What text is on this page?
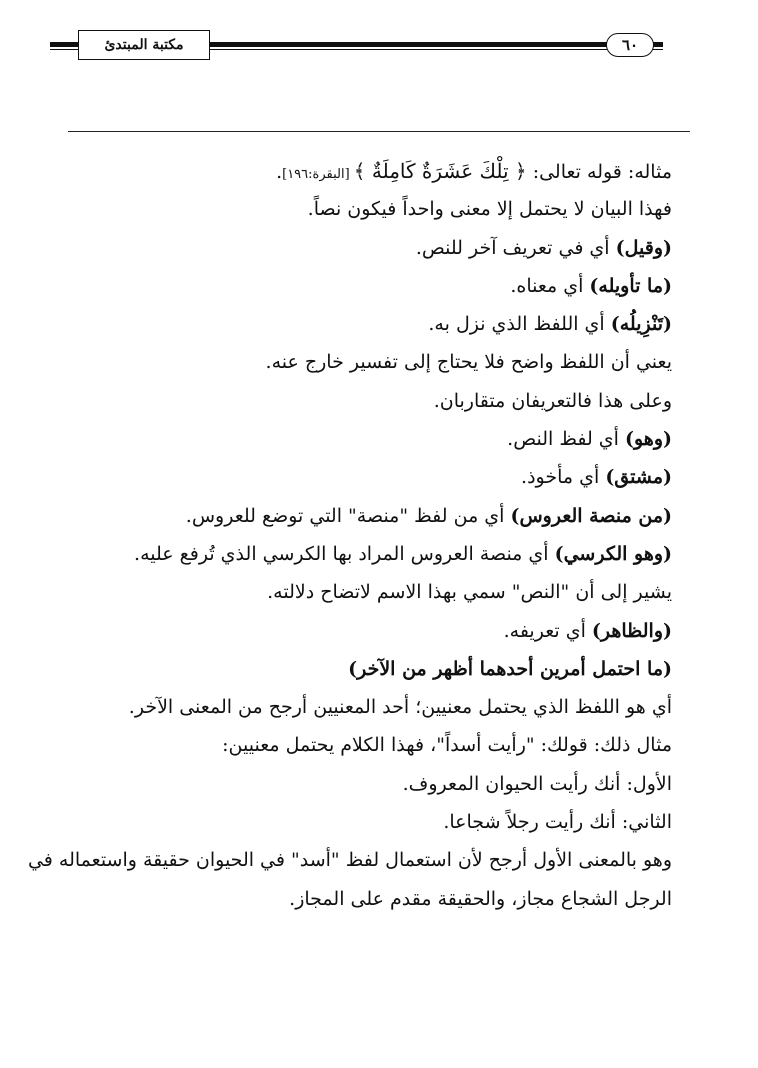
مكتبة المبتدئ	٦٠
مثاله: قوله تعالى: ﴿ تِلْكَ عَشَرَةٌ كَامِلَةٌ ﴾ [البقرة:١٩٦].
فهذا البيان لا يحتمل إلا معنى واحداً فيكون نصاً.
(وقيل) أي في تعريف آخر للنص.
(ما تأويله) أي معناه.
(تَنْزِيلُه) أي اللفظ الذي نزل به.
يعني أن اللفظ واضح فلا يحتاج إلى تفسير خارج عنه.
وعلى هذا فالتعريفان متقاربان.
(وهو) أي لفظ النص.
(مشتق) أي مأخوذ.
(من منصة العروس) أي من لفظ "منصة" التي توضع للعروس.
(وهو الكرسي) أي منصة العروس المراد بها الكرسي الذي تُرفع عليه.
يشير إلى أن "النص" سمي بهذا الاسم لاتضاح دلالته.
(والظاهر) أي تعريفه.
(ما احتمل أمرين أحدهما أظهر من الآخر)
أي هو اللفظ الذي يحتمل معنيين؛ أحد المعنيين أرجح من المعنى الآخر.
مثال ذلك: قولك: "رأيت أسداً"، فهذا الكلام يحتمل معنيين:
الأول: أنك رأيت الحيوان المعروف.
الثاني: أنك رأيت رجلاً شجاعا.
وهو بالمعنى الأول أرجح لأن استعمال لفظ "أسد" في الحيوان حقيقة واستعماله في
الرجل الشجاع مجاز، والحقيقة مقدم على المجاز.
